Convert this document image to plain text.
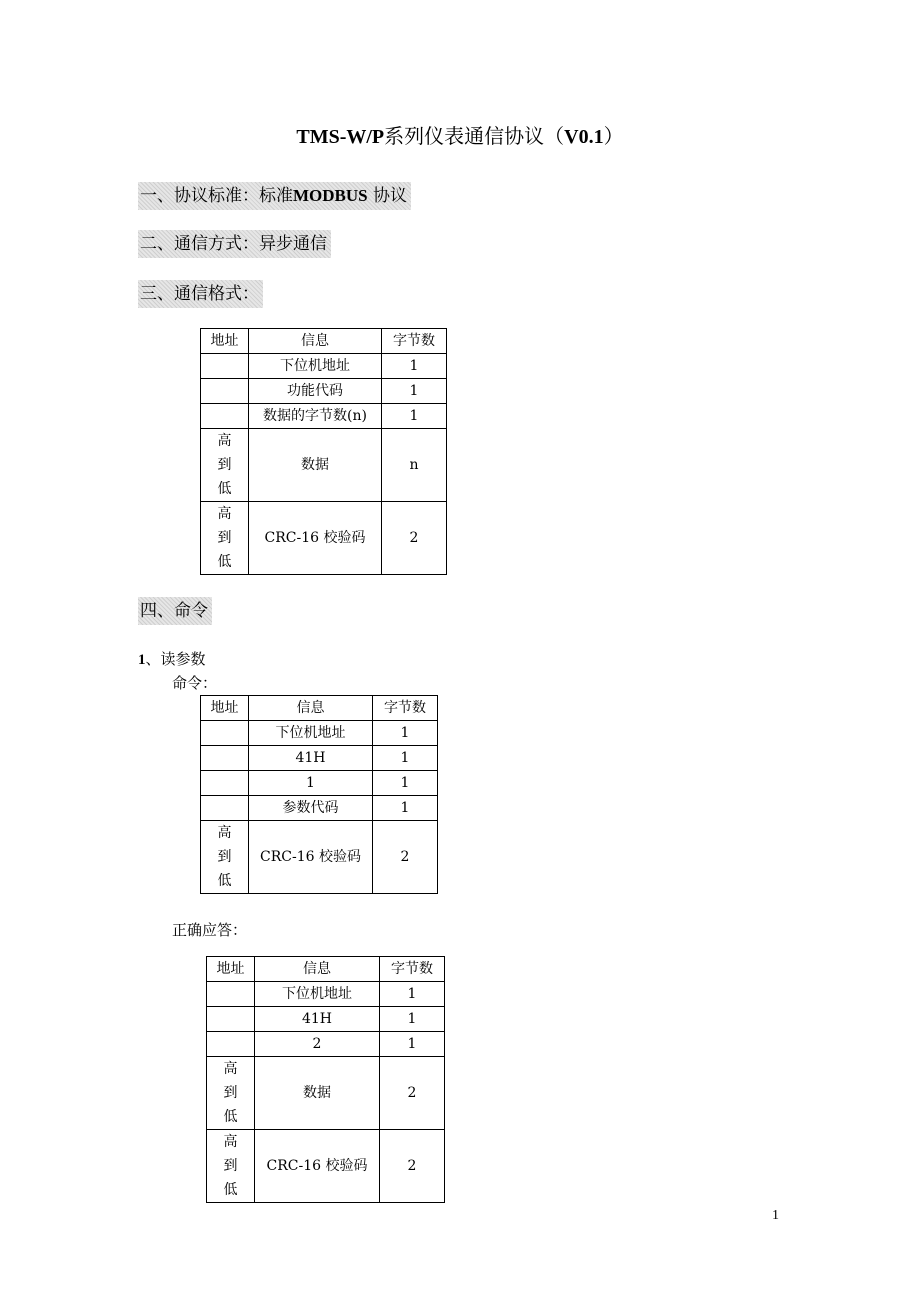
TMS-W/P系列仪表通信协议（V0.1）
一、协议标准：标准MODBUS 协议
二、通信方式：异步通信
三、通信格式：
地址	信息	字节数
	下位机地址	1
	功能代码	1
	数据的字节数(n)	1

高
到
低	数据	n

高
到
低	CRC-16 校验码	2
四、命令
1、读参数
命令：
地址	信息	字节数
	下位机地址	1
	41H	1
	1	1
	参数代码	1

高
到
低	CRC-16 校验码	2
正确应答：
地址	信息	字节数
	下位机地址	1
	41H	1
	2	1

高
到
低	数据	2

高
到
低	CRC-16 校验码	2
1
